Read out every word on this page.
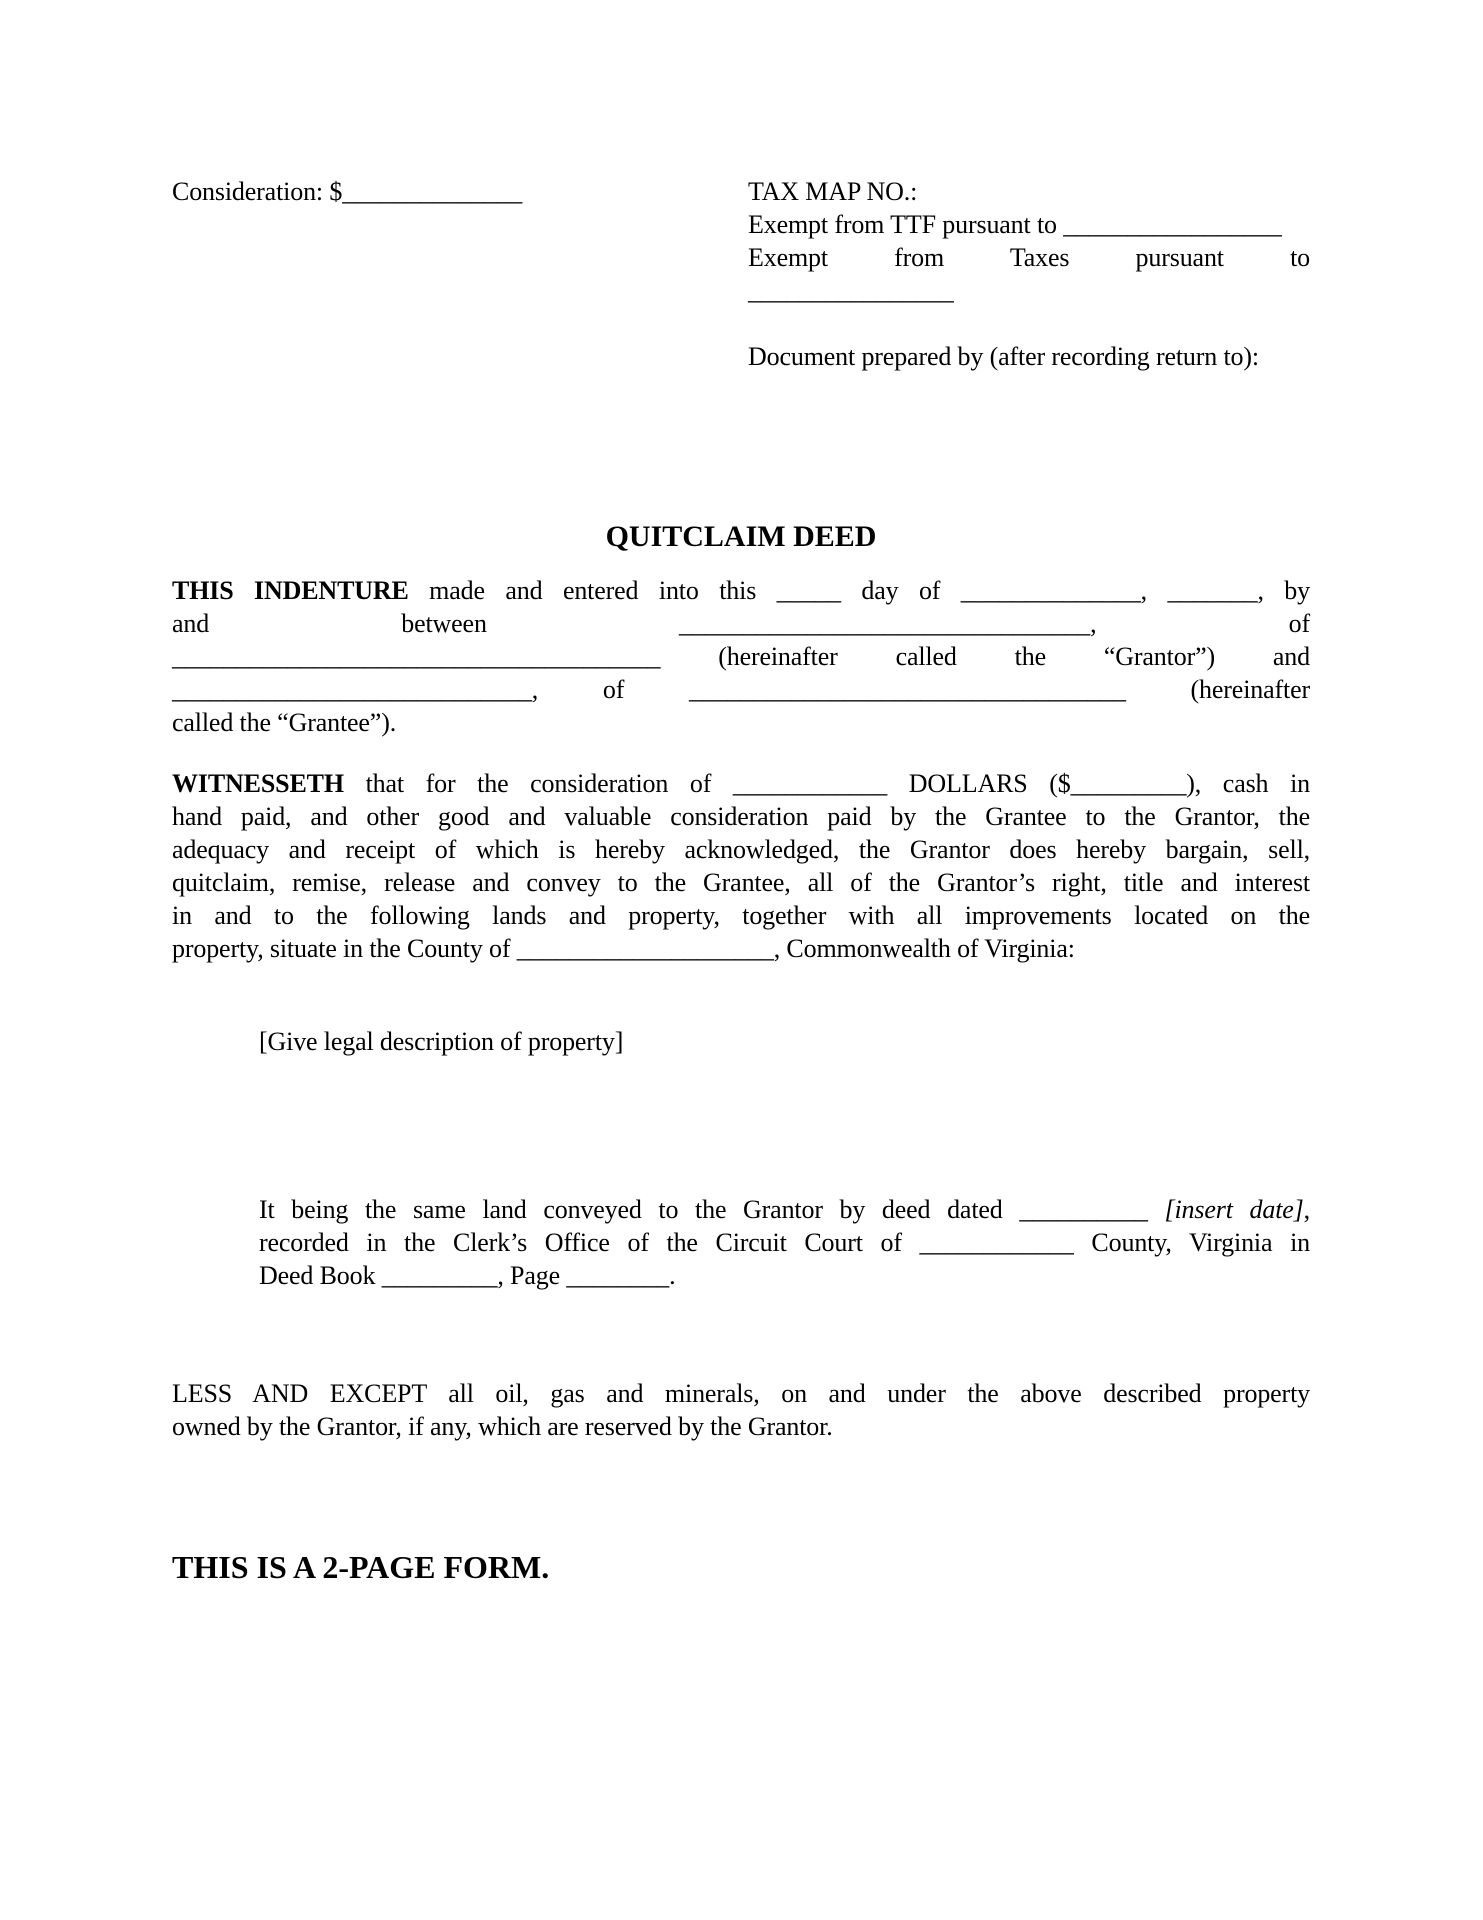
Consideration: $______________	TAX MAP NO.:
Exempt from TTF pursuant to _________________
Exempt from Taxes pursuant to
________________
Document prepared by (after recording return to):
QUITCLAIM DEED
THIS INDENTURE made and entered into this _____ day of ______________, _______, by
and between ________________________________, of
______________________________________ (hereinafter called the “Grantor”) and
____________________________, of __________________________________ (hereinafter
called the “Grantee”).
WITNESSETH that for the consideration of ____________ DOLLARS ($_________), cash in
hand paid, and other good and valuable consideration paid by the Grantee to the Grantor, the
adequacy and receipt of which is hereby acknowledged, the Grantor does hereby bargain, sell,
quitclaim, remise, release and convey to the Grantee, all of the Grantor’s right, title and interest
in and to the following lands and property, together with all improvements located on the
property, situate in the County of ____________________, Commonwealth of Virginia:
[Give legal description of property]
It being the same land conveyed to the Grantor by deed dated __________ [insert date],
recorded in the Clerk’s Office of the Circuit Court of ____________ County, Virginia in
Deed Book _________, Page ________.
LESS AND EXCEPT all oil, gas and minerals, on and under the above described property
owned by the Grantor, if any, which are reserved by the Grantor.
THIS IS A 2-PAGE FORM.
